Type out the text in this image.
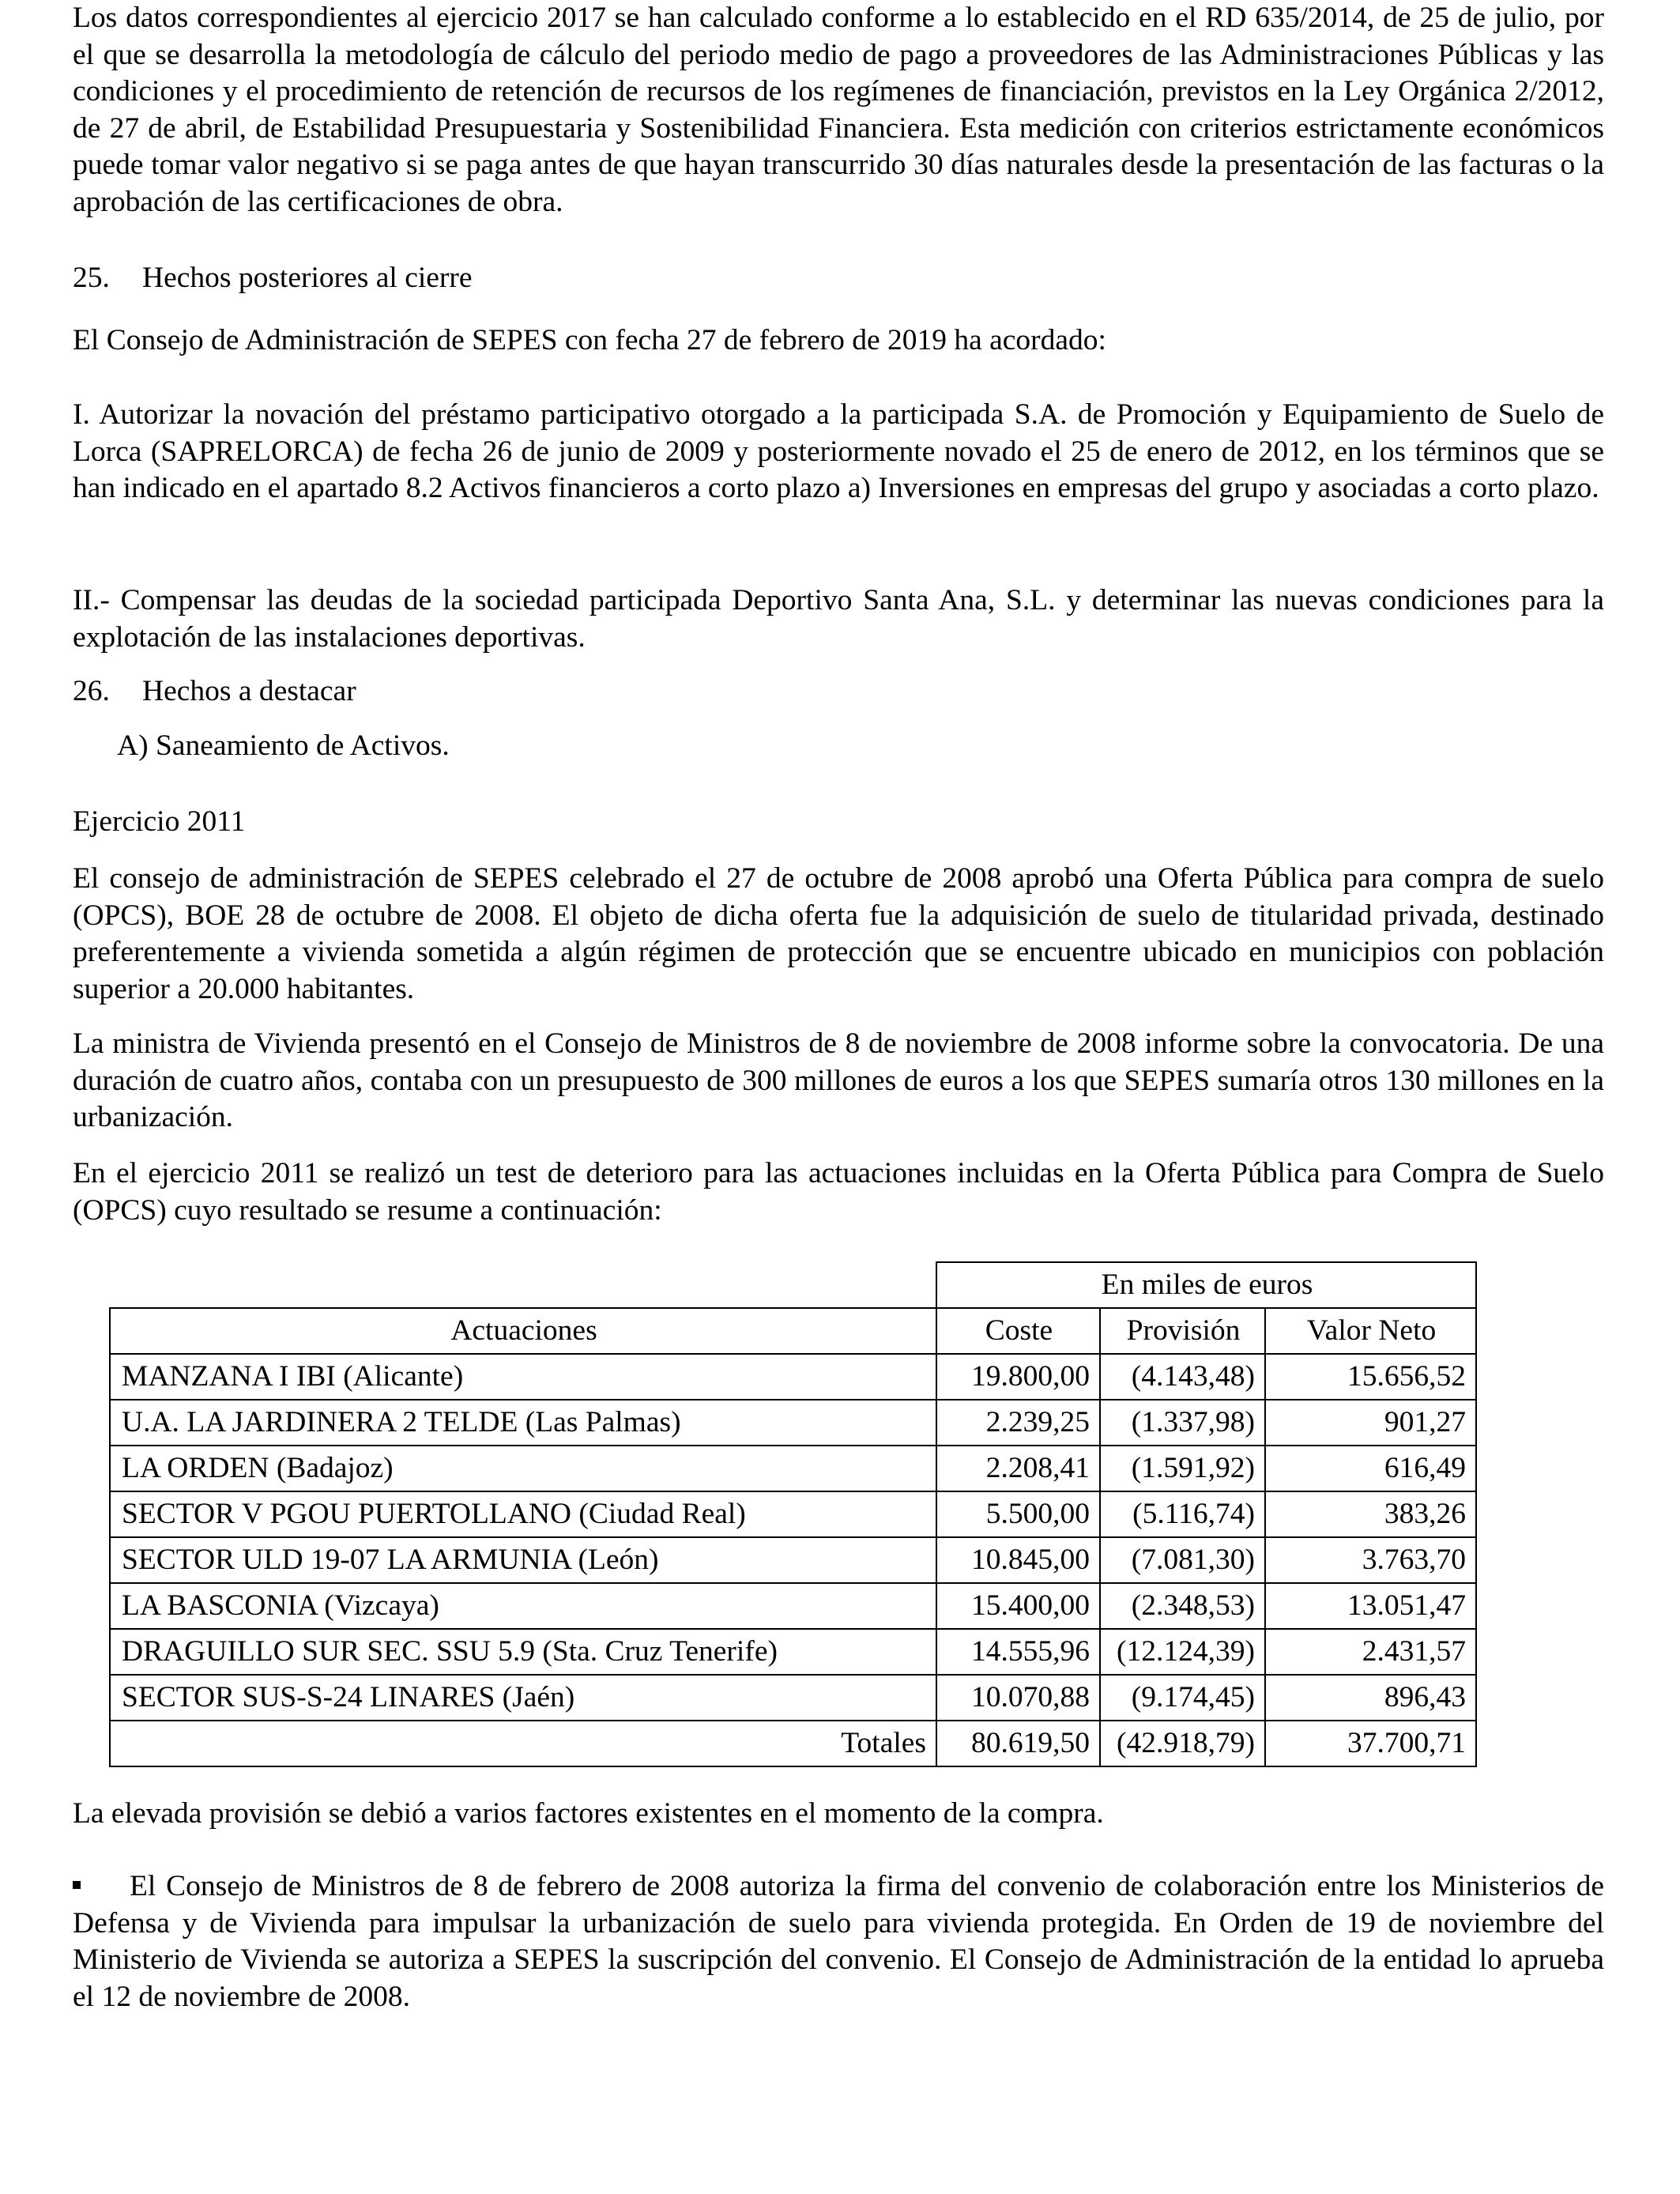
Los datos correspondientes al ejercicio 2017 se han calculado conforme a lo establecido en el RD 635/2014, de 25 de julio, por el que se desarrolla la metodología de cálculo del periodo medio de pago a proveedores de las Administraciones Públicas y las condiciones y el procedimiento de retención de recursos de los regímenes de financiación, previstos en la Ley Orgánica 2/2012, de 27 de abril, de Estabilidad Presupuestaria y Sostenibilidad Financiera. Esta medición con criterios estrictamente económicos puede tomar valor negativo si se paga antes de que hayan transcurrido 30 días naturales desde la presentación de las facturas o la aprobación de las certificaciones de obra.

25. Hechos posteriores al cierre

El Consejo de Administración de SEPES con fecha 27 de febrero de 2019 ha acordado:

I. Autorizar la novación del préstamo participativo otorgado a la participada S.A. de Promoción y Equipamiento de Suelo de Lorca (SAPRELORCA) de fecha 26 de junio de 2009 y posteriormente novado el 25 de enero de 2012, en los términos que se han indicado en el apartado 8.2 Activos financieros a corto plazo a) Inversiones en empresas del grupo y asociadas a corto plazo.

II.- Compensar las deudas de la sociedad participada Deportivo Santa Ana, S.L. y determinar las nuevas condiciones para la explotación de las instalaciones deportivas.

26. Hechos a destacar
A) Saneamiento de Activos.
Ejercicio 2011

El consejo de administración de SEPES celebrado el 27 de octubre de 2008 aprobó una Oferta Pública para compra de suelo (OPCS), BOE 28 de octubre de 2008. El objeto de dicha oferta fue la adquisición de suelo de titularidad privada, destinado preferentemente a vivienda sometida a algún régimen de protección que se encuentre ubicado en municipios con población superior a 20.000 habitantes.

La ministra de Vivienda presentó en el Consejo de Ministros de 8 de noviembre de 2008 informe sobre la convocatoria. De una duración de cuatro años, contaba con un presupuesto de 300 millones de euros a los que SEPES sumaría otros 130 millones en la urbanización.

En el ejercicio 2011 se realizó un test de deterioro para las actuaciones incluidas en la Oferta Pública para Compra de Suelo (OPCS) cuyo resultado se resume a continuación:

	En miles de euros		
Actuaciones	Coste	Provisión	Valor Neto
MANZANA I IBI (Alicante)	19.800,00	(4.143,48)	15.656,52
U.A. LA JARDINERA 2 TELDE (Las Palmas)	2.239,25	(1.337,98)	901,27
LA ORDEN (Badajoz)	2.208,41	(1.591,92)	616,49
SECTOR V PGOU PUERTOLLANO (Ciudad Real)	5.500,00	(5.116,74)	383,26
SECTOR ULD 19-07 LA ARMUNIA (León)	10.845,00	(7.081,30)	3.763,70
LA BASCONIA (Vizcaya)	15.400,00	(2.348,53)	13.051,47
DRAGUILLO SUR SEC. SSU 5.9 (Sta. Cruz Tenerife)	14.555,96	(12.124,39)	2.431,57
SECTOR SUS-S-24 LINARES (Jaén)	10.070,88	(9.174,45)	896,43
Totales	80.619,50	(42.918,79)	37.700,71

La elevada provisión se debió a varios factores existentes en el momento de la compra.

El Consejo de Ministros de 8 de febrero de 2008 autoriza la firma del convenio de colaboración entre los Ministerios de Defensa y de Vivienda para impulsar la urbanización de suelo para vivienda protegida. En Orden de 19 de noviembre del Ministerio de Vivienda se autoriza a SEPES la suscripción del convenio. El Consejo de Administración de la entidad lo aprueba el 12 de noviembre de 2008.
